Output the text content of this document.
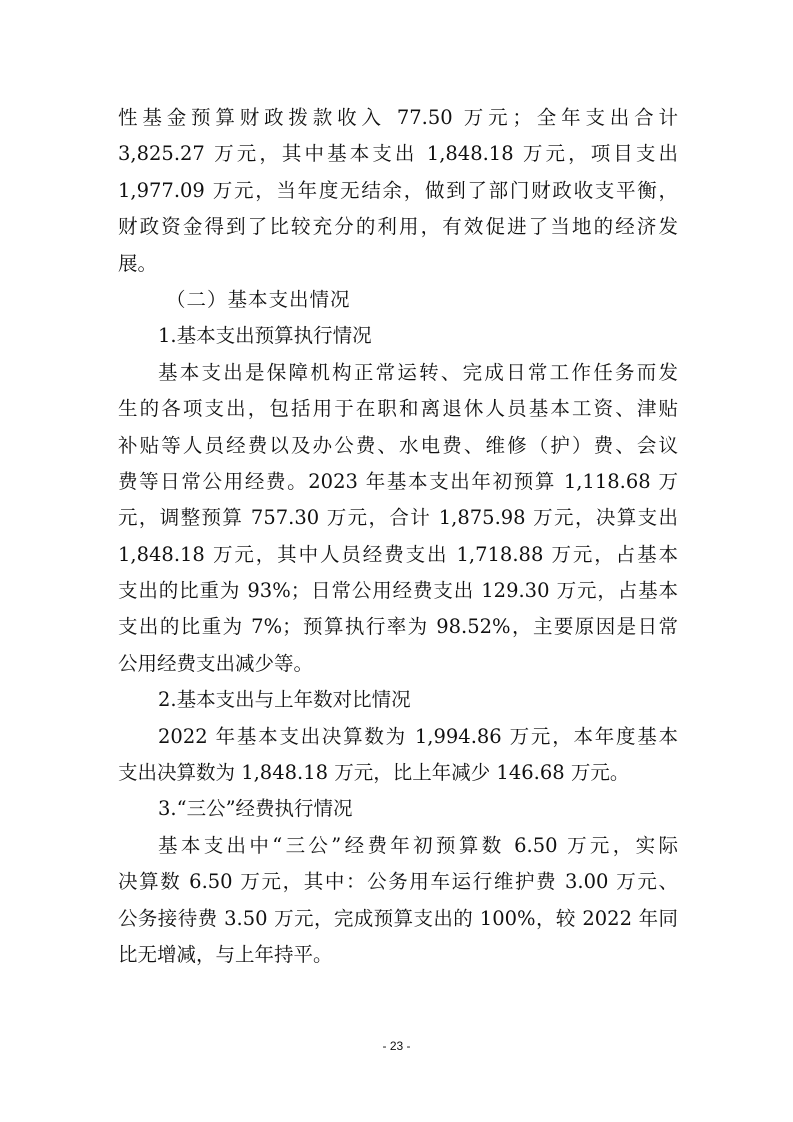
性基金预算财政拨款收入 77.50 万元；全年支出合计
3,825.27 万元，其中基本支出 1,848.18 万元，项目支出
1,977.09 万元，当年度无结余，做到了部门财政收支平衡，
财政资金得到了比较充分的利用，有效促进了当地的经济发
展。
（二）基本支出情况
1.基本支出预算执行情况
基本支出是保障机构正常运转、完成日常工作任务而发
生的各项支出，包括用于在职和离退休人员基本工资、津贴
补贴等人员经费以及办公费、水电费、维修（护）费、会议
费等日常公用经费。2023 年基本支出年初预算 1,118.68 万
元，调整预算 757.30 万元，合计 1,875.98 万元，决算支出
1,848.18 万元，其中人员经费支出 1,718.88 万元，占基本
支出的比重为 93%；日常公用经费支出 129.30 万元，占基本
支出的比重为 7%；预算执行率为 98.52%，主要原因是日常
公用经费支出减少等。
2.基本支出与上年数对比情况
2022 年基本支出决算数为 1,994.86 万元，本年度基本
支出决算数为 1,848.18 万元，比上年减少 146.68 万元。
3.“三公”经费执行情况
基本支出中“三公”经费年初预算数 6.50 万元，实际
决算数 6.50 万元，其中：公务用车运行维护费 3.00 万元、
公务接待费 3.50 万元，完成预算支出的 100%，较 2022 年同
比无增减，与上年持平。
- 23 -
